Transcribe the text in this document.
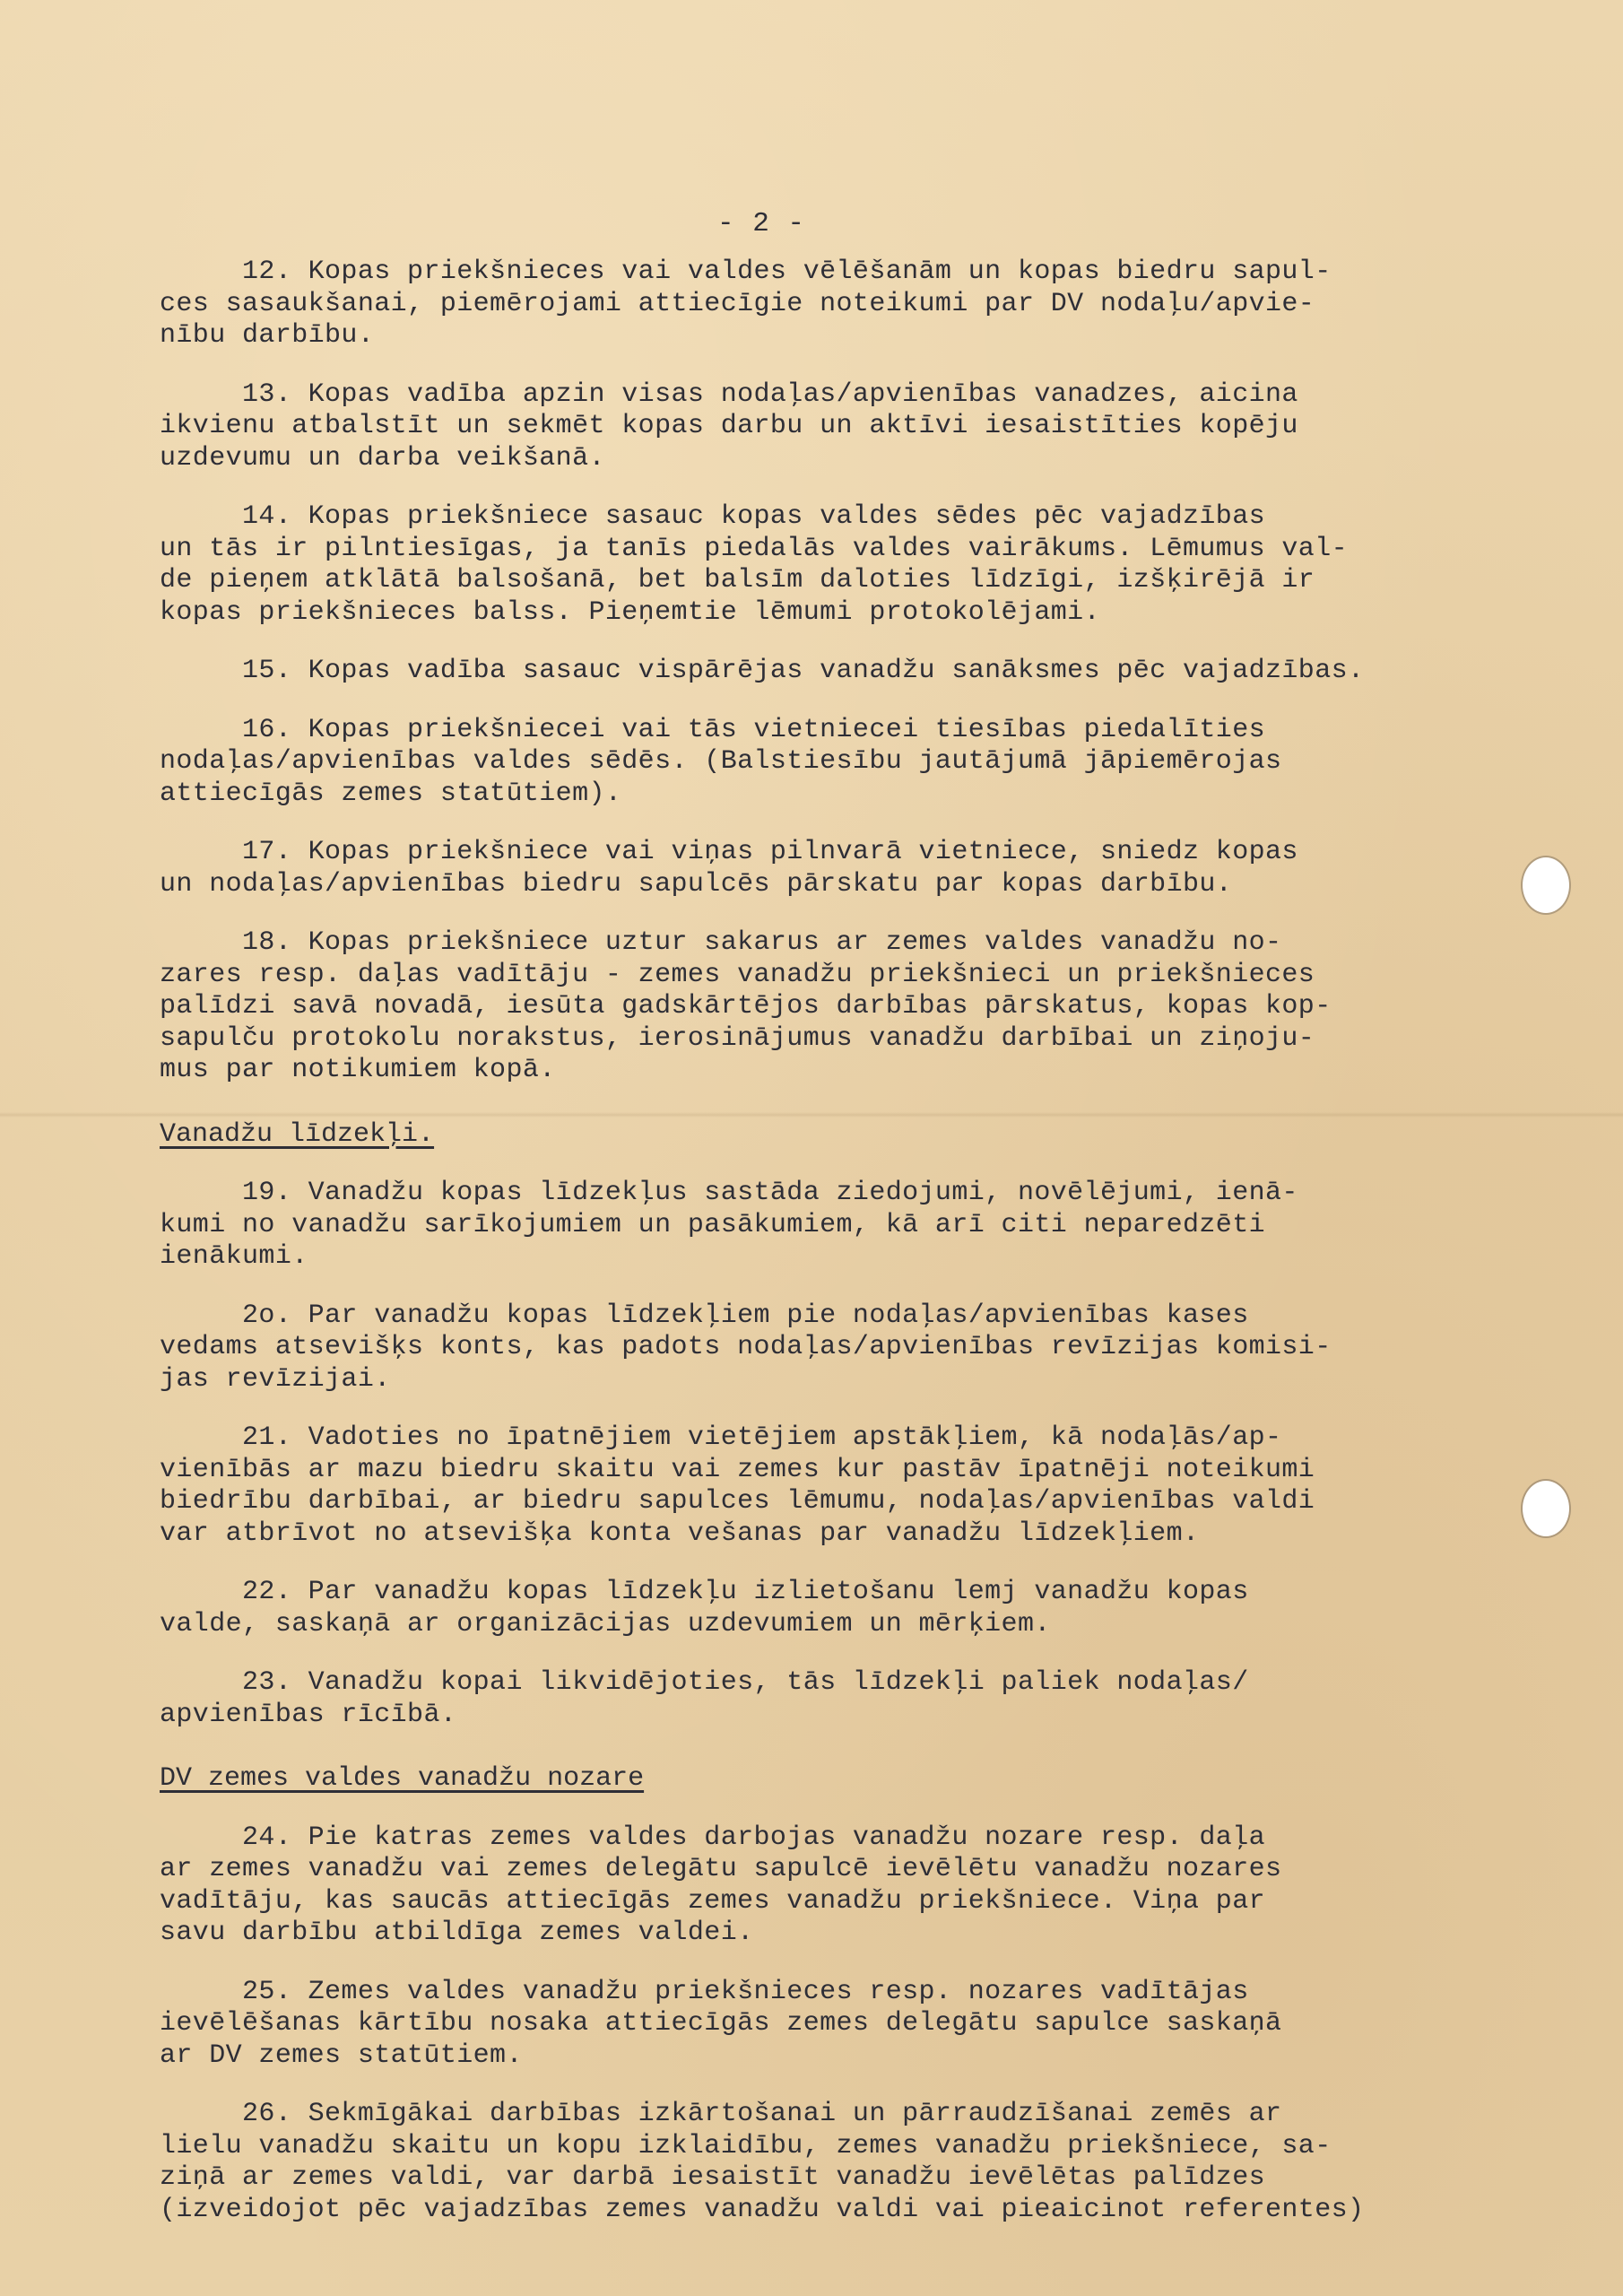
- 2 -
12. Kopas priekšnieces vai valdes vēlēšanām un kopas biedru sapul-
ces sasaukšanai, piemērojami attiecīgie noteikumi par DV nodaļu/apvie-
nību darbību.
13. Kopas vadība apzin visas nodaļas/apvienības vanadzes, aicina
ikvienu atbalstīt un sekmēt kopas darbu un aktīvi iesaistīties kopēju
uzdevumu un darba veikšanā.
14. Kopas priekšniece sasauc kopas valdes sēdes pēc vajadzības
un tās ir pilntiesīgas, ja tanīs piedalās valdes vairākums. Lēmumus val-
de pieņem atklātā balsošanā, bet balsīm daloties līdzīgi, izšķirējā ir
kopas priekšnieces balss. Pieņemtie lēmumi protokolējami.
15. Kopas vadība sasauc vispārējas vanadžu sanāksmes pēc vajadzības.
16. Kopas priekšniecei vai tās vietniecei tiesības piedalīties
nodaļas/apvienības valdes sēdēs. (Balstiesību jautājumā jāpiemērojas
attiecīgās zemes statūtiem).
17. Kopas priekšniece vai viņas pilnvarā vietniece, sniedz kopas
un nodaļas/apvienības biedru sapulcēs pārskatu par kopas darbību.
18. Kopas priekšniece uztur sakarus ar zemes valdes vanadžu no-
zares resp. daļas vadītāju - zemes vanadžu priekšnieci un priekšnieces
palīdzi savā novadā, iesūta gadskārtējos darbības pārskatus, kopas kop-
sapulču protokolu norakstus, ierosinājumus vanadžu darbībai un ziņoju-
mus par notikumiem kopā.
Vanadžu līdzekļi.
19. Vanadžu kopas līdzekļus sastāda ziedojumi, novēlējumi, ienā-
kumi no vanadžu sarīkojumiem un pasākumiem, kā arī citi neparedzēti
ienākumi.
2o. Par vanadžu kopas līdzekļiem pie nodaļas/apvienības kases
vedams atsevišķs konts, kas padots nodaļas/apvienības revīzijas komisi-
jas revīzijai.
21. Vadoties no īpatnējiem vietējiem apstākļiem, kā nodaļās/ap-
vienībās ar mazu biedru skaitu vai zemes kur pastāv īpatnēji noteikumi
biedrību darbībai, ar biedru sapulces lēmumu, nodaļas/apvienības valdi
var atbrīvot no atsevišķa konta vešanas par vanadžu līdzekļiem.
22. Par vanadžu kopas līdzekļu izlietošanu lemj vanadžu kopas
valde, saskaņā ar organizācijas uzdevumiem un mērķiem.
23. Vanadžu kopai likvidējoties, tās līdzekļi paliek nodaļas/
apvienības rīcībā.
DV zemes valdes vanadžu nozare
24. Pie katras zemes valdes darbojas vanadžu nozare resp. daļa
ar zemes vanadžu vai zemes delegātu sapulcē ievēlētu vanadžu nozares
vadītāju, kas saucās attiecīgās zemes vanadžu priekšniece. Viņa par
savu darbību atbildīga zemes valdei.
25. Zemes valdes vanadžu priekšnieces resp. nozares vadītājas
ievēlēšanas kārtību nosaka attiecīgās zemes delegātu sapulce saskaņā
ar DV zemes statūtiem.
26. Sekmīgākai darbības izkārtošanai un pārraudzīšanai zemēs ar
lielu vanadžu skaitu un kopu izklaidību, zemes vanadžu priekšniece, sa-
ziņā ar zemes valdi, var darbā iesaistīt vanadžu ievēlētas palīdzes
(izveidojot pēc vajadzības zemes vanadžu valdi vai pieaicinot referentes)
